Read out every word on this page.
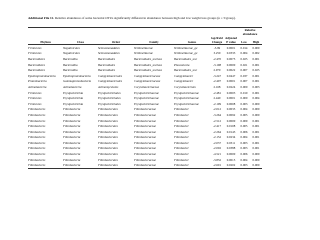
Additional File 12. Relative abundance of some bacterial OTUs significantly different in abundance between high and low weight loss groups (n = 5/group).
							Relative abundance	
Phylum	Class	Order	Family	Genus	log2Fold Change	Adjusted P value	Low	High
Firmicutes	Negativicutes	Selenomonadales	Veillonellaceae	Veillonellaceae_ge	-3.99	0.0001	0.014	0.000
Firmicutes	Negativicutes	Selenomonadales	Veillonellaceae	Veillonellaceae_ge	3.250	0.0333	0.004	0.002
Bacteroidetes	Bacteroidia	Bacteroidales	Bacteroidales_unclass	Bacteroidales_unc	-2.470	0.0075	0.025	0.001
Bacteroidetes	Bacteroidia	Bacteroidales	Bacteroidales_unclass	Phocaeicola	-3.198	0.0000	0.021	0.001
Bacteroidetes	Bacteroidia	Bacteroidales	Bacteroidales_unclass	Bacteroidales_unc	2.970	0.0022	0.007	0.025
Epsilonproteobacteria	Epsilonproteobacteria	Campylobacterales	Campylobacteraceae	Campylobacter	-3.247	0.0447	0.037	0.001
Proteobacteria	Gammaproteobacteria	Campylobacterales	Campylobacteraceae	Campylobacter	-2.407	0.0001	0.007	0.001
Actinobacteria	Actinobacteria	Actinomycetales	Corynebacteriaceae	Corynebacterium	2.168	0.0224	0.000	0.003
Firmicutes	Erysipelotrichia	Erysipelotrichales	Erysipelotrichaceae	Erysipelotrichaceae	-2.481	0.0003	0.010	0.001
Firmicutes	Erysipelotrichia	Erysipelotrichales	Erysipelotrichaceae	Erysipelotrichaceae	2.440	0.0001	0.000	0.004
Firmicutes	Erysipelotrichia	Erysipelotrichales	Erysipelotrichaceae	Erysipelotrichaceae	-2.199	0.0008	0.003	0.000
Fibrobacteres	Fibrobacteria	Fibrobacterales	Fibrobacteraceae	Fibrobacter	-2.012	0.0035	0.004	0.000
Fibrobacteres	Fibrobacteria	Fibrobacterales	Fibrobacteraceae	Fibrobacter	-3.264	0.0092	0.005	0.000
Fibrobacteres	Fibrobacteria	Fibrobacterales	Fibrobacteraceae	Fibrobacter	-2.512	0.0000	0.009	0.001
Fibrobacteres	Fibrobacteria	Fibrobacterales	Fibrobacteraceae	Fibrobacter	-2.417	0.0108	0.005	0.001
Fibrobacteres	Fibrobacteria	Fibrobacterales	Fibrobacteraceae	Fibrobacter	-2.264	0.0143	0.006	0.001
Fibrobacteres	Fibrobacteria	Fibrobacterales	Fibrobacteraceae	Fibrobacter	-2.152	0.0234	0.004	0.001
Fibrobacteres	Fibrobacteria	Fibrobacterales	Fibrobacteraceae	Fibrobacter	-2.037	0.0311	0.003	0.001
Fibrobacteres	Fibrobacteria	Fibrobacterales	Fibrobacteraceae	Fibrobacter	-2.002	0.0388	0.003	0.001
Fibrobacteres	Fibrobacteria	Fibrobacterales	Fibrobacteraceae	Fibrobacter	-4.521	0.0000	0.006	0.000
Fibrobacteres	Fibrobacteria	Fibrobacterales	Fibrobacteraceae	Fibrobacter	-3.832	0.0015	0.004	0.000
Fibrobacteres	Fibrobacteria	Fibrobacterales	Fibrobacteraceae	Fibrobacter	-2.601	0.0202	0.003	0.000
